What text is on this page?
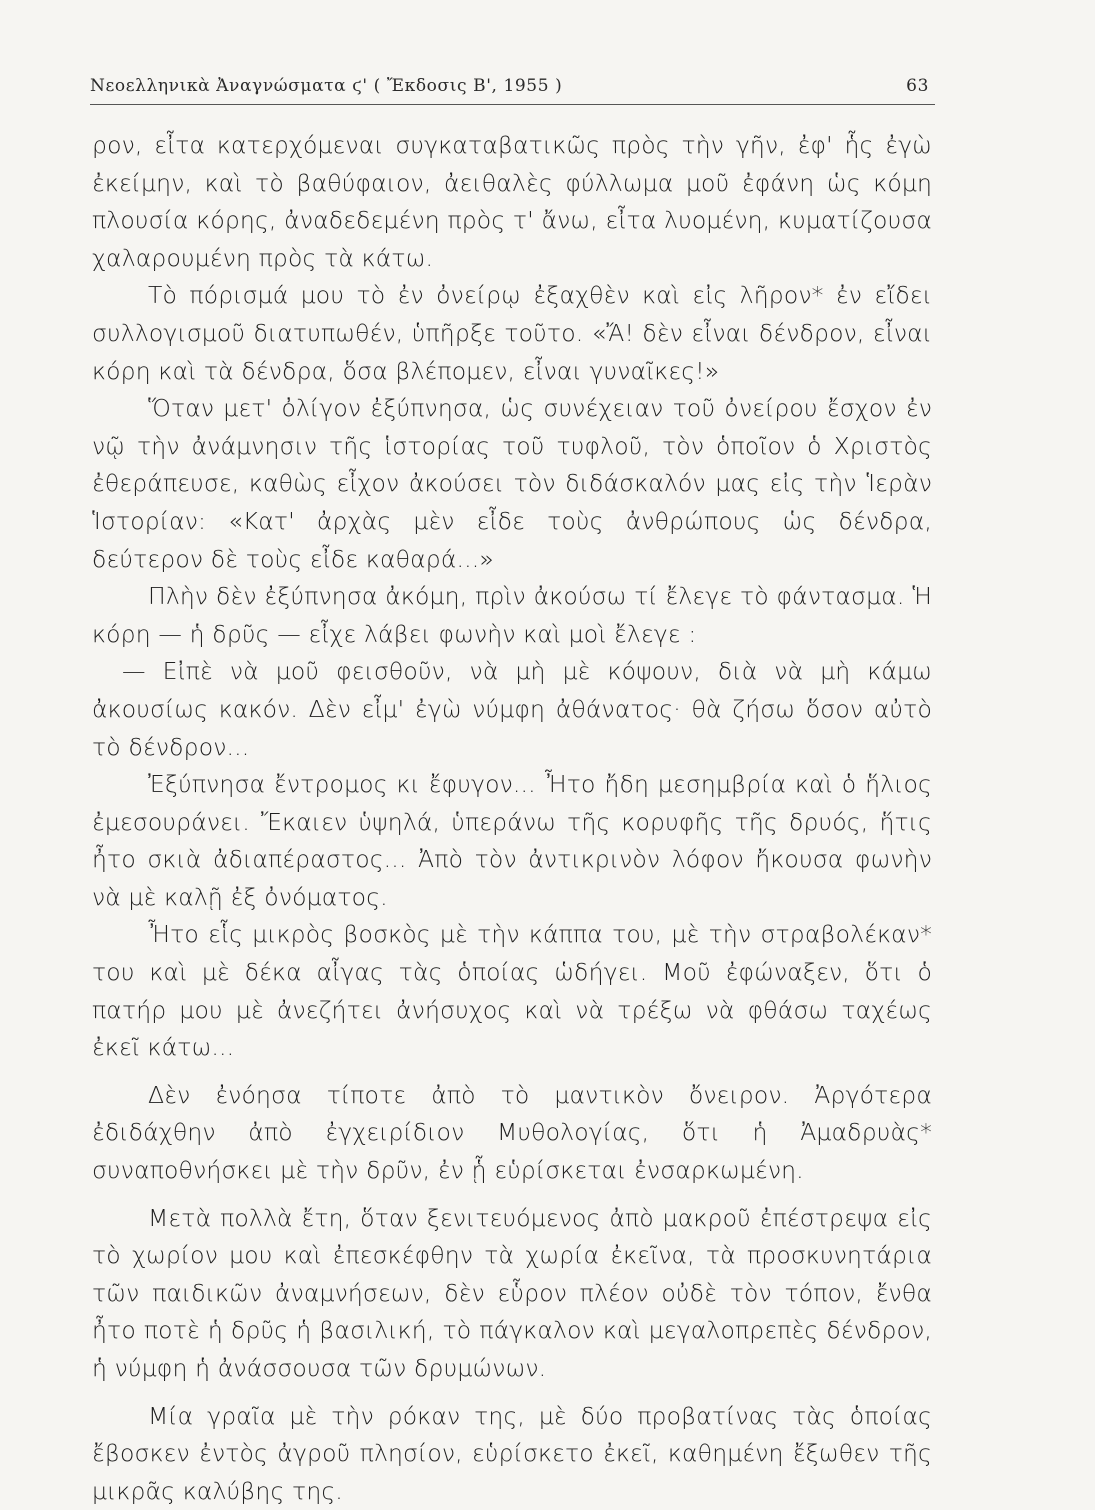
Νεοελληνικὰ Ἀναγνώσματα ϛ' ( Ἔκδοσις Β', 1955 )	63

ρον, εἶτα κατερχόμεναι συγκαταβατικῶς πρὸς τὴν γῆν, ἐφ' ἧς ἐγὼ ἐκείμην, καὶ τὸ βαθύφαιον, ἀειθαλὲς φύλλωμα μοῦ ἐφάνη ὡς κόμη πλουσία κόρης, ἀναδεδεμένη πρὸς τ' ἄνω, εἶτα λυομένη, κυματίζουσα χαλαρουμένη πρὸς τὰ κάτω.

Τὸ πόρισμά μου τὸ ἐν ὀνείρῳ ἐξαχθὲν καὶ εἰς λῆρον* ἐν εἴδει συλλογισμοῦ διατυπωθέν, ὑπῆρξε τοῦτο. «Ἄ! δὲν εἶναι δένδρον, εἶναι κόρη καὶ τὰ δένδρα, ὅσα βλέπομεν, εἶναι γυναῖκες!»

Ὅταν μετ' ὀλίγον ἐξύπνησα, ὡς συνέχειαν τοῦ ὀνείρου ἔσχον ἐν νῷ τὴν ἀνάμνησιν τῆς ἱστορίας τοῦ τυφλοῦ, τὸν ὁποῖον ὁ Χριστὸς ἐθεράπευσε, καθὼς εἶχον ἀκούσει τὸν διδάσκαλόν μας εἰς τὴν Ἱερὰν Ἱστορίαν: «Κατ' ἀρχὰς μὲν εἶδε τοὺς ἀνθρώπους ὡς δένδρα, δεύτερον δὲ τοὺς εἶδε καθαρά...»

Πλὴν δὲν ἐξύπνησα ἀκόμη, πρὶν ἀκούσω τί ἔλεγε τὸ φάντασμα. Ἡ κόρη — ἡ δρῦς — εἶχε λάβει φωνὴν καὶ μοὶ ἔλεγε :

— Εἰπὲ νὰ μοῦ φεισθοῦν, νὰ μὴ μὲ κόψουν, διὰ νὰ μὴ κάμω ἀκουσίως κακόν. Δὲν εἶμ' ἐγὼ νύμφη ἀθάνατος· θὰ ζήσω ὅσον αὐτὸ τὸ δένδρον...

Ἐξύπνησα ἔντρομος κι ἔφυγον... Ἦτο ἤδη μεσημβρία καὶ ὁ ἥλιος ἐμεσουράνει. Ἔκαιεν ὑψηλά, ὑπεράνω τῆς κορυφῆς τῆς δρυός, ἥτις ἦτο σκιὰ ἀδιαπέραστος... Ἀπὸ τὸν ἀντικρινὸν λόφον ἤκουσα φωνὴν νὰ μὲ καλῇ ἐξ ὀνόματος.

Ἦτο εἷς μικρὸς βοσκὸς μὲ τὴν κάππα του, μὲ τὴν στραβολέκαν* του καὶ μὲ δέκα αἶγας τὰς ὁποίας ὡδήγει. Μοῦ ἐφώναξεν, ὅτι ὁ πατήρ μου μὲ ἀνεζήτει ἀνήσυχος καὶ νὰ τρέξω νὰ φθάσω ταχέως ἐκεῖ κάτω...

Δὲν ἐνόησα τίποτε ἀπὸ τὸ μαντικὸν ὄνειρον. Ἀργότερα ἐδιδάχθην ἀπὸ ἐγχειρίδιον Μυθολογίας, ὅτι ἡ Ἀμαδρυὰς* συναποθνήσκει μὲ τὴν δρῦν, ἐν ᾗ εὑρίσκεται ἐνσαρκωμένη.

Μετὰ πολλὰ ἔτη, ὅταν ξενιτευόμενος ἀπὸ μακροῦ ἐπέστρεψα εἰς τὸ χωρίον μου καὶ ἐπεσκέφθην τὰ χωρία ἐκεῖνα, τὰ προσκυνητάρια τῶν παιδικῶν ἀναμνήσεων, δὲν εὗρον πλέον οὐδὲ τὸν τόπον, ἔνθα ἦτο ποτὲ ἡ δρῦς ἡ βασιλική, τὸ πάγκαλον καὶ μεγαλοπρεπὲς δένδρον, ἡ νύμφη ἡ ἀνάσσουσα τῶν δρυμώνων.

Μία γραῖα μὲ τὴν ρόκαν της, μὲ δύο προβατίνας τὰς ὁποίας ἔβοσκεν ἐντὸς ἀγροῦ πλησίον, εὑρίσκετο ἐκεῖ, καθημένη ἔξωθεν τῆς μικρᾶς καλύβης της.
